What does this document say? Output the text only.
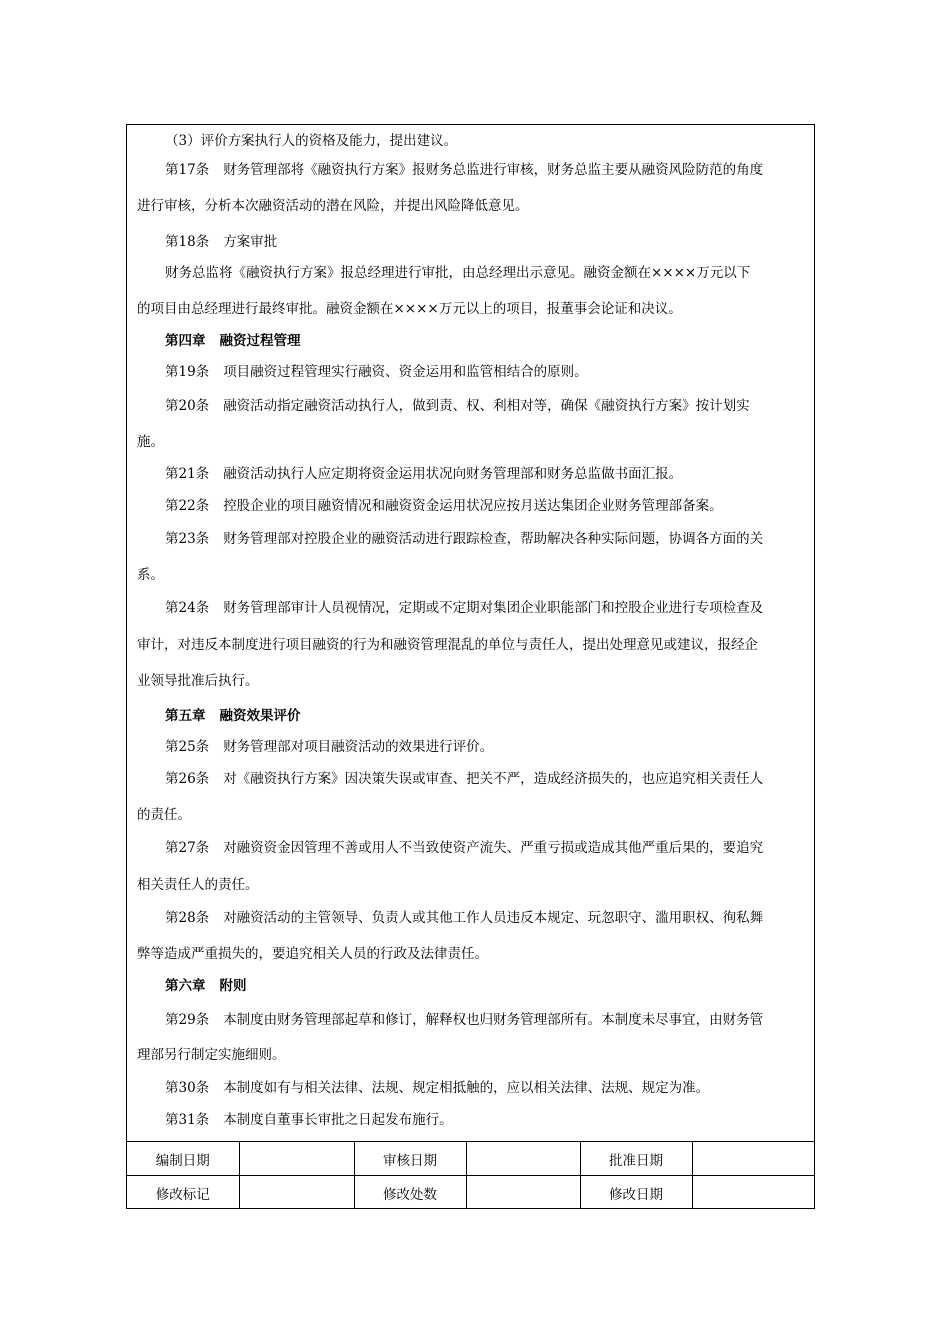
（3）评价方案执行人的资格及能力，提出建议。
第17条 财务管理部将《融资执行方案》报财务总监进行审核，财务总监主要从融资风险防范的角度
进行审核，分析本次融资活动的潜在风险，并提出风险降低意见。
第18条 方案审批
财务总监将《融资执行方案》报总经理进行审批，由总经理出示意见。融资金额在××××万元以下
的项目由总经理进行最终审批。融资金额在××××万元以上的项目，报董事会论证和决议。
第四章 融资过程管理
第19条 项目融资过程管理实行融资、资金运用和监管相结合的原则。
第20条 融资活动指定融资活动执行人，做到责、权、利相对等，确保《融资执行方案》按计划实
施。
第21条 融资活动执行人应定期将资金运用状况向财务管理部和财务总监做书面汇报。
第22条 控股企业的项目融资情况和融资资金运用状况应按月送达集团企业财务管理部备案。
第23条 财务管理部对控股企业的融资活动进行跟踪检查，帮助解决各种实际问题，协调各方面的关
系。
第24条 财务管理部审计人员视情况，定期或不定期对集团企业职能部门和控股企业进行专项检查及
审计，对违反本制度进行项目融资的行为和融资管理混乱的单位与责任人，提出处理意见或建议，报经企
业领导批准后执行。
第五章 融资效果评价
第25条 财务管理部对项目融资活动的效果进行评价。
第26条 对《融资执行方案》因决策失误或审查、把关不严，造成经济损失的，也应追究相关责任人
的责任。
第27条 对融资资金因管理不善或用人不当致使资产流失、严重亏损或造成其他严重后果的，要追究
相关责任人的责任。
第28条 对融资活动的主管领导、负责人或其他工作人员违反本规定、玩忽职守、滥用职权、徇私舞
弊等造成严重损失的，要追究相关人员的行政及法律责任。
第六章 附则
第29条 本制度由财务管理部起草和修订，解释权也归财务管理部所有。本制度未尽事宜，由财务管
理部另行制定实施细则。
第30条 本制度如有与相关法律、法规、规定相抵触的，应以相关法律、法规、规定为准。
第31条 本制度自董事长审批之日起发布施行。
编制日期		审核日期		批准日期	
修改标记		修改处数		修改日期	
